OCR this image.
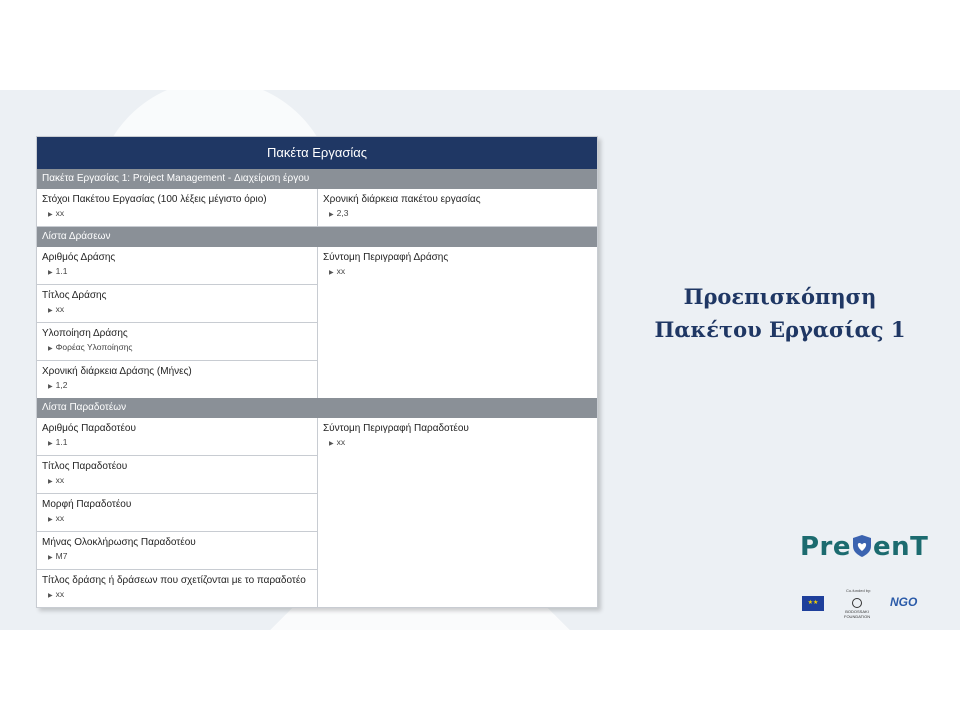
Πακέτα Εργασίας
Πακέτα Εργασίας 1: Project Management - Διαχείριση έργου
Στόχοι Πακέτου Εργασίας (100 λέξεις μέγιστο όριο)
▶ xx
Χρονική διάρκεια πακέτου εργασίας
▶ 2,3
Λίστα Δράσεων
Αριθμός Δράσης
▶ 1.1
Τίτλος Δράσης
▶ xx
Υλοποίηση Δράσης
▶ Φορέας Υλοποίησης
Χρονική διάρκεια Δράσης (Μήνες)
▶ 1,2
Σύντομη Περιγραφή Δράσης
▶ xx
Λίστα Παραδοτέων
Αριθμός Παραδοτέου
▶ 1.1
Τίτλος Παραδοτέου
▶ xx
Μορφή Παραδοτέου
▶ xx
Μήνας Ολοκλήρωσης Παραδοτέου
▶ M7
Τίτλος δράσης ή δράσεων που σχετίζονται με το παραδοτέο
▶ xx
Σύντομη Περιγραφή Παραδοτέου
▶ xx
Προεπισκόπηση
Πακέτου Εργασίας 1
Pre enT
★★
Co-funded by:
BODOSSAKI FOUNDATION
NGO
